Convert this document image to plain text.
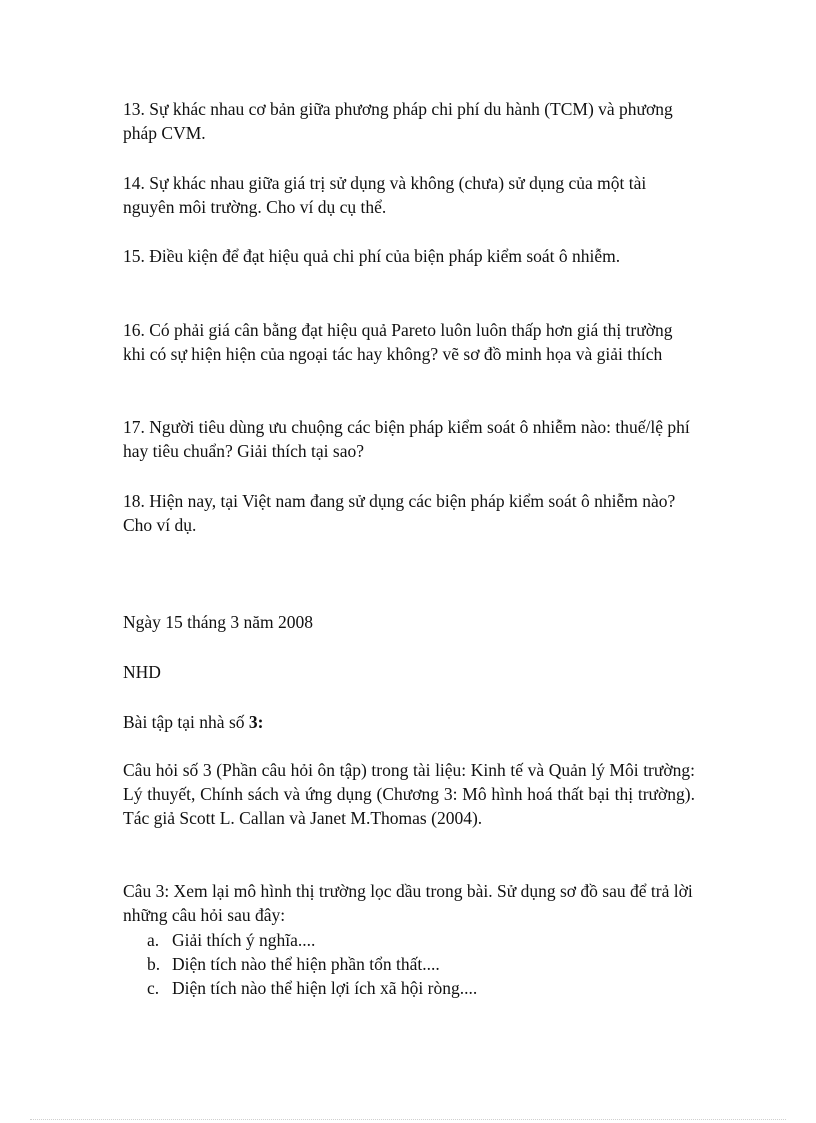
13. Sự khác nhau cơ bản giữa phương pháp chi phí du hành (TCM) và phương pháp CVM.

14. Sự khác nhau giữa giá trị sử dụng và không (chưa) sử dụng của một tài nguyên môi trường. Cho ví dụ cụ thể.

15. Điều kiện để đạt hiệu quả chi phí của biện pháp kiểm soát ô nhiễm.

16. Có phải giá cân bằng đạt hiệu quả Pareto luôn luôn thấp hơn giá thị trường khi có sự hiện hiện của ngoại tác hay không? vẽ sơ đồ minh họa và giải thích

17. Người tiêu dùng ưu chuộng các biện pháp kiểm soát ô nhiễm nào: thuế/lệ phí hay tiêu chuẩn? Giải thích tại sao?

18. Hiện nay, tại Việt nam đang sử dụng các biện pháp kiểm soát ô nhiễm nào? Cho ví dụ.

Ngày 15 tháng 3 năm 2008

NHD

Bài tập tại nhà số 3:

Câu hỏi số 3 (Phần câu hỏi ôn tập) trong tài liệu: Kinh tế và Quản lý Môi trường: Lý thuyết, Chính sách và ứng dụng (Chương 3: Mô hình hoá thất bại thị trường). Tác giả Scott L. Callan và Janet M.Thomas (2004).

Câu 3: Xem lại mô hình thị trường lọc dầu trong bài. Sử dụng sơ đồ sau để trả lời những câu hỏi sau đây:

a. Giải thích ý nghĩa....
b. Diện tích nào thể hiện phần tổn thất....
c. Diện tích nào thể hiện lợi ích xã hội ròng....
